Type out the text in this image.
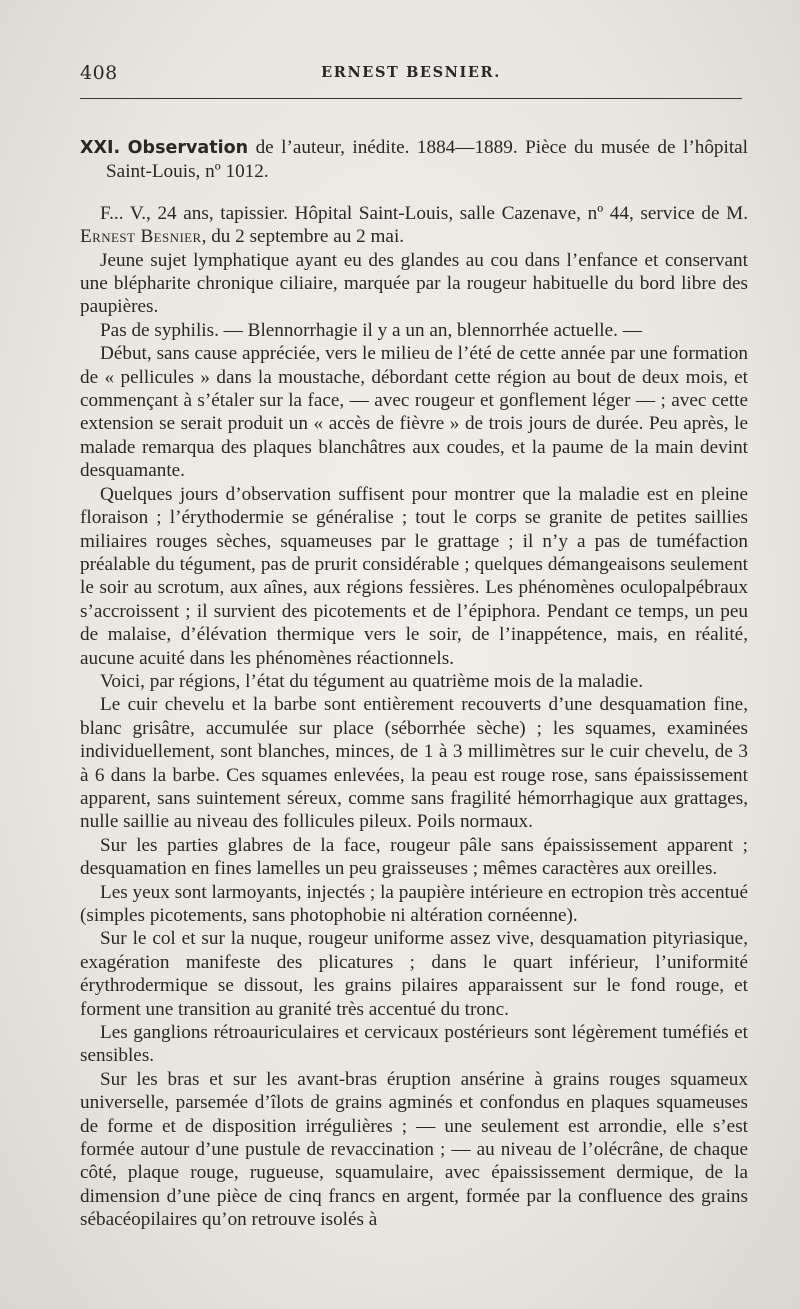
408	ERNEST BESNIER.

XXI. Observation de l’auteur, inédite. 1884—1889. Pièce du musée de l’hôpital Saint-Louis, nº 1012.

F... V., 24 ans, tapissier. Hôpital Saint-Louis, salle Cazenave, nº 44, service de M. Ernest Besnier, du 2 septembre au 2 mai.

Jeune sujet lymphatique ayant eu des glandes au cou dans l’enfance et conservant une blépharite chronique ciliaire, marquée par la rougeur habituelle du bord libre des paupières.

Pas de syphilis. — Blennorrhagie il y a un an, blennorrhée actuelle. —

Début, sans cause appréciée, vers le milieu de l’été de cette année par une formation de « pellicules » dans la moustache, débordant cette région au bout de deux mois, et commençant à s’étaler sur la face, — avec rougeur et gonflement léger — ; avec cette extension se serait produit un « accès de fièvre » de trois jours de durée. Peu après, le malade remarqua des plaques blanchâtres aux coudes, et la paume de la main devint desquamante.

Quelques jours d’observation suffisent pour montrer que la maladie est en pleine floraison ; l’érythodermie se généralise ; tout le corps se granite de petites saillies miliaires rouges sèches, squameuses par le grattage ; il n’y a pas de tuméfaction préalable du tégument, pas de prurit considérable ; quelques démangeaisons seulement le soir au scrotum, aux aînes, aux régions fessières. Les phénomènes oculopalpébraux s’accroissent ; il survient des picotements et de l’épiphora. Pendant ce temps, un peu de malaise, d’élévation thermique vers le soir, de l’inappétence, mais, en réalité, aucune acuité dans les phénomènes réactionnels.

Voici, par régions, l’état du tégument au quatrième mois de la maladie.

Le cuir chevelu et la barbe sont entièrement recouverts d’une desquamation fine, blanc grisâtre, accumulée sur place (séborrhée sèche) ; les squames, examinées individuellement, sont blanches, minces, de 1 à 3 millimètres sur le cuir chevelu, de 3 à 6 dans la barbe. Ces squames enlevées, la peau est rouge rose, sans épaississement apparent, sans suintement séreux, comme sans fragilité hémorrhagique aux grattages, nulle saillie au niveau des follicules pileux. Poils normaux.

Sur les parties glabres de la face, rougeur pâle sans épaississement apparent ; desquamation en fines lamelles un peu graisseuses ; mêmes caractères aux oreilles.

Les yeux sont larmoyants, injectés ; la paupière intérieure en ectropion très accentué (simples picotements, sans photophobie ni altération cornéenne).

Sur le col et sur la nuque, rougeur uniforme assez vive, desquamation pityriasique, exagération manifeste des plicatures ; dans le quart inférieur, l’uniformité érythrodermique se dissout, les grains pilaires apparaissent sur le fond rouge, et forment une transition au granité très accentué du tronc.

Les ganglions rétroauriculaires et cervicaux postérieurs sont légèrement tuméfiés et sensibles.

Sur les bras et sur les avant-bras éruption ansérine à grains rouges squameux universelle, parsemée d’îlots de grains agminés et confondus en plaques squameuses de forme et de disposition irrégulières ; — une seulement est arrondie, elle s’est formée autour d’une pustule de revaccination ; — au niveau de l’olécrâne, de chaque côté, plaque rouge, rugueuse, squamulaire, avec épaississement dermique, de la dimension d’une pièce de cinq francs en argent, formée par la confluence des grains sébacéopilaires qu’on retrouve isolés à
